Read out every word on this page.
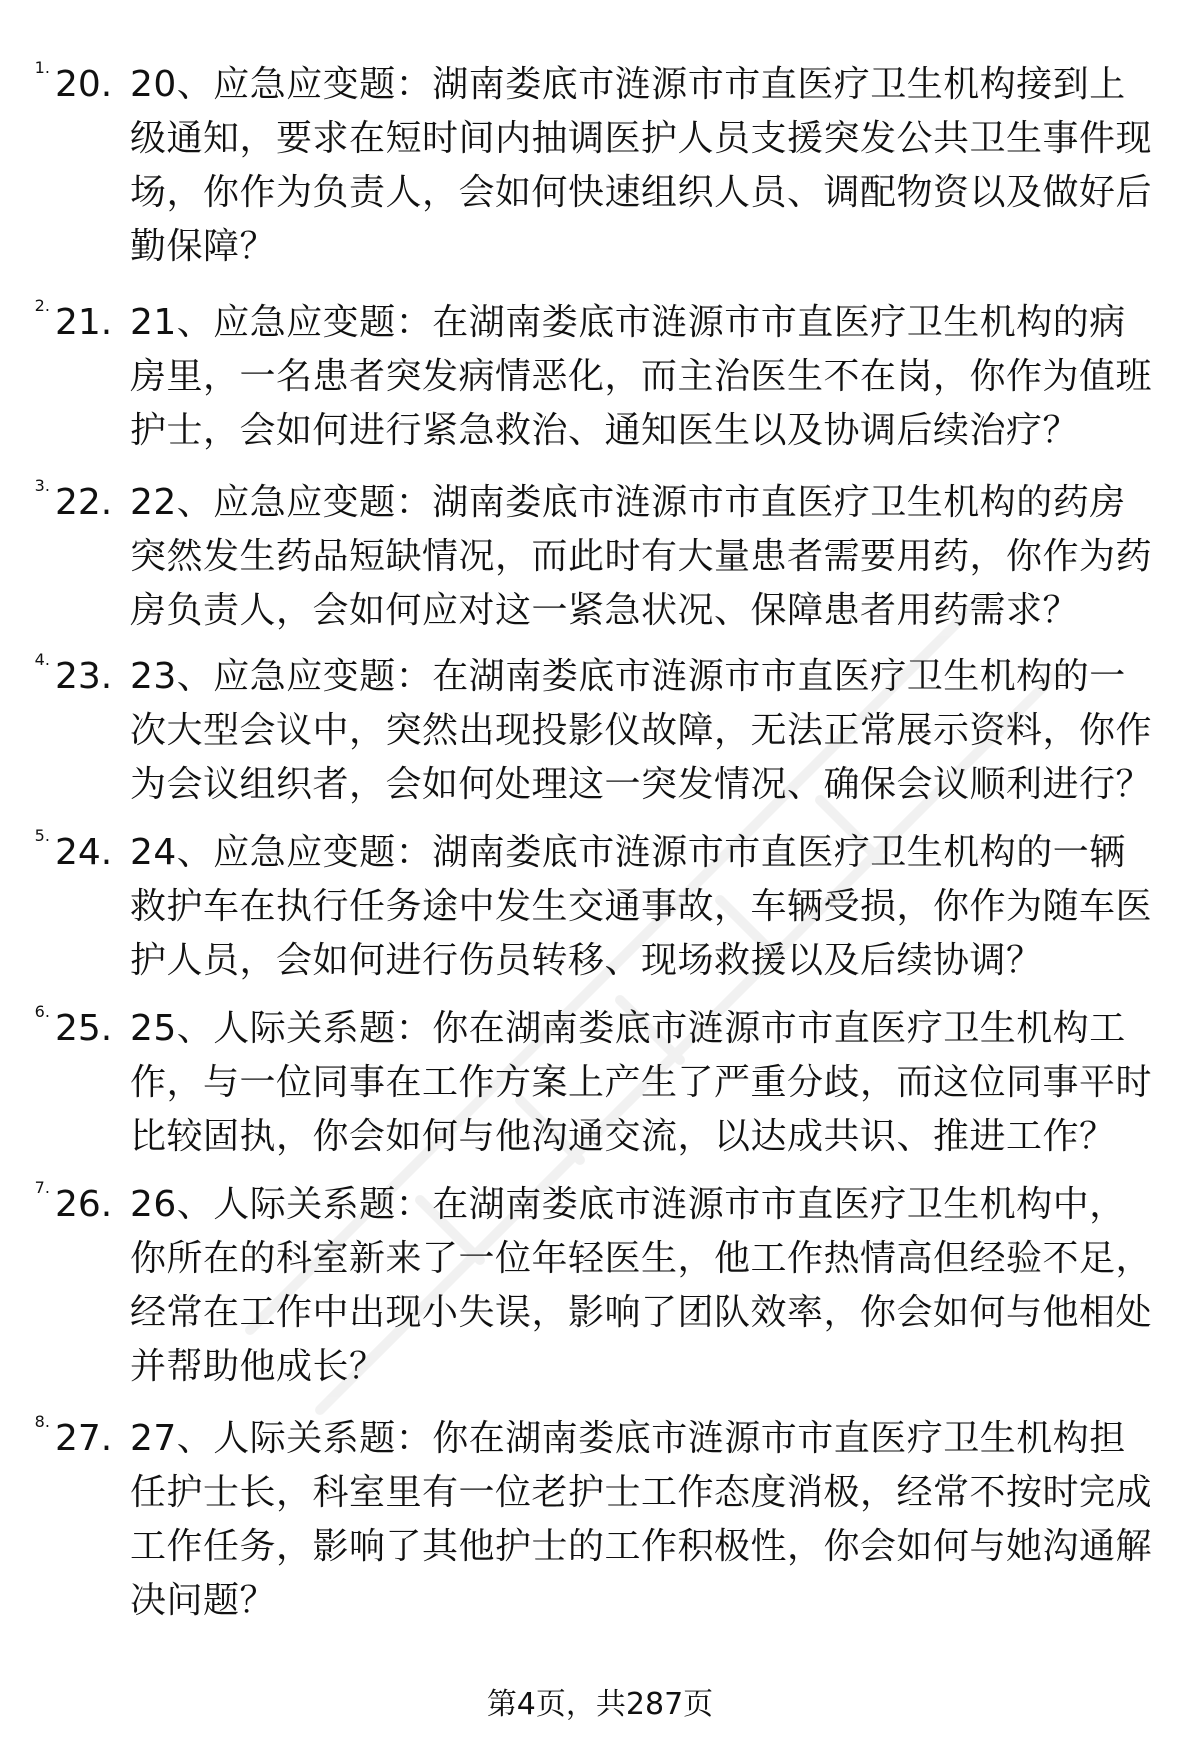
1. 20. 20、应急应变题：湖南娄底市涟源市市直医疗卫生机构接到上级通知，要求在短时间内抽调医护人员支援突发公共卫生事件现场，你作为负责人，会如何快速组织人员、调配物资以及做好后勤保障？
2. 21. 21、应急应变题：在湖南娄底市涟源市市直医疗卫生机构的病房里，一名患者突发病情恶化，而主治医生不在岗，你作为值班护士，会如何进行紧急救治、通知医生以及协调后续治疗？
3. 22. 22、应急应变题：湖南娄底市涟源市市直医疗卫生机构的药房突然发生药品短缺情况，而此时有大量患者需要用药，你作为药房负责人，会如何应对这一紧急状况、保障患者用药需求？
4. 23. 23、应急应变题：在湖南娄底市涟源市市直医疗卫生机构的一次大型会议中，突然出现投影仪故障，无法正常展示资料，你作为会议组织者，会如何处理这一突发情况、确保会议顺利进行？
5. 24. 24、应急应变题：湖南娄底市涟源市市直医疗卫生机构的一辆救护车在执行任务途中发生交通事故，车辆受损，你作为随车医护人员，会如何进行伤员转移、现场救援以及后续协调？
6. 25. 25、人际关系题：你在湖南娄底市涟源市市直医疗卫生机构工作，与一位同事在工作方案上产生了严重分歧，而这位同事平时比较固执，你会如何与他沟通交流，以达成共识、推进工作？
7. 26. 26、人际关系题：在湖南娄底市涟源市市直医疗卫生机构中，你所在的科室新来了一位年轻医生，他工作热情高但经验不足，经常在工作中出现小失误，影响了团队效率，你会如何与他相处并帮助他成长？
8. 27. 27、人际关系题：你在湖南娄底市涟源市市直医疗卫生机构担任护士长，科室里有一位老护士工作态度消极，经常不按时完成工作任务，影响了其他护士的工作积极性，你会如何与她沟通解决问题？
第4页，共287页
